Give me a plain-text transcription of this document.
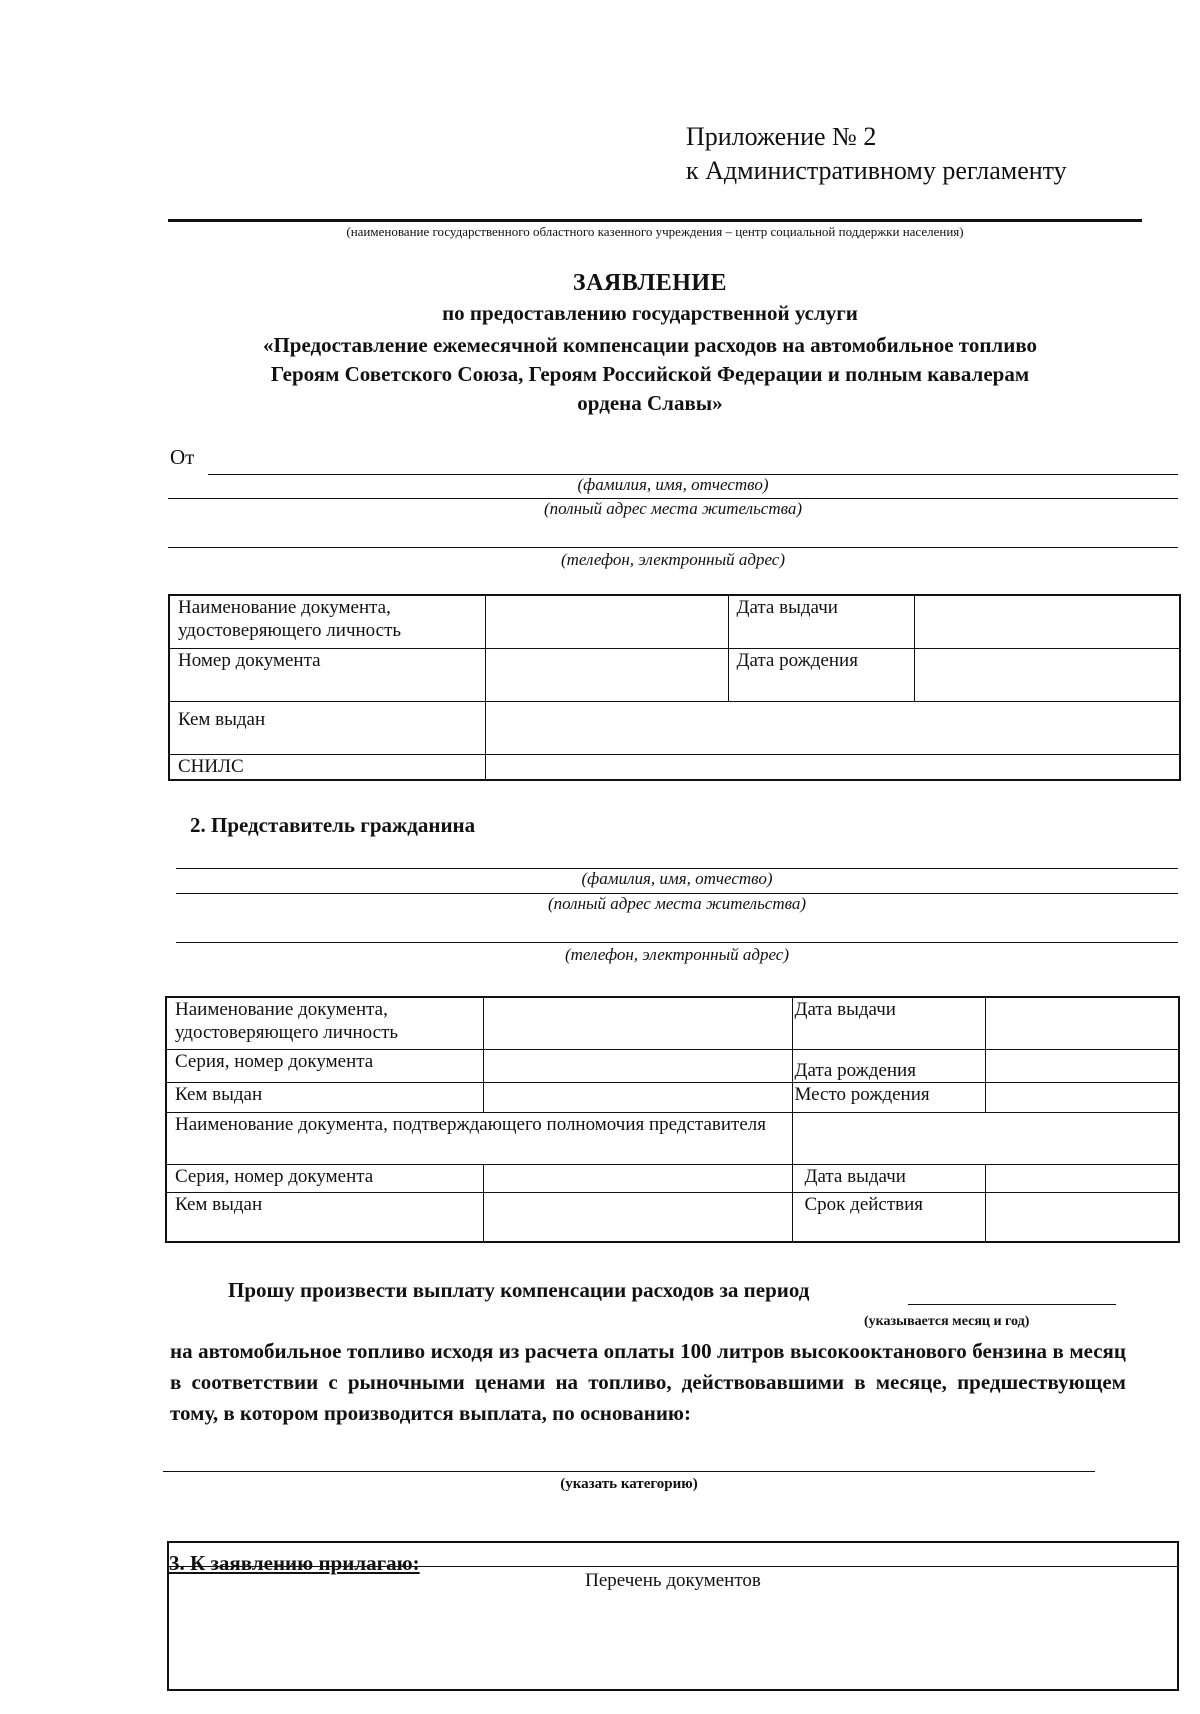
Приложение № 2
к Административному регламенту
(наименование государственного областного казенного учреждения – центр социальной поддержки населения)
ЗАЯВЛЕНИЕ
по предоставлению государственной услуги
«Предоставление ежемесячной компенсации расходов на автомобильное топливо
Героям Советского Союза, Героям Российской Федерации и полным кавалерам
ордена Славы»
От
(фамилия, имя, отчество)
(полный адрес места жительства)
(телефон, электронный адрес)
Наименование документа, удостоверяющего личность		Дата выдачи	
Номер документа		Дата рождения	
Кем выдан			
СНИЛС			
2. Представитель гражданина
(фамилия, имя, отчество)
(полный адрес места жительства)
(телефон, электронный адрес)
Наименование документа, удостоверяющего личность		Дата выдачи	
Серия, номер документа		Дата рождения	
Кем выдан		Место рождения	
Наименование документа, подтверждающего полномочия представителя			
Серия, номер документа		Дата выдачи	
Кем выдан		Срок действия	
Прошу произвести выплату компенсации расходов за период
(указывается месяц и год)
на автомобильное топливо исходя из расчета оплаты 100 литров высокооктанового бензина в месяц в соответствии с рыночными ценами на топливо, действовавшими в месяце, предшествующем тому, в котором производится выплата, по основанию:
(указать категорию)
3. К заявлению прилагаю:
Перечень документов
